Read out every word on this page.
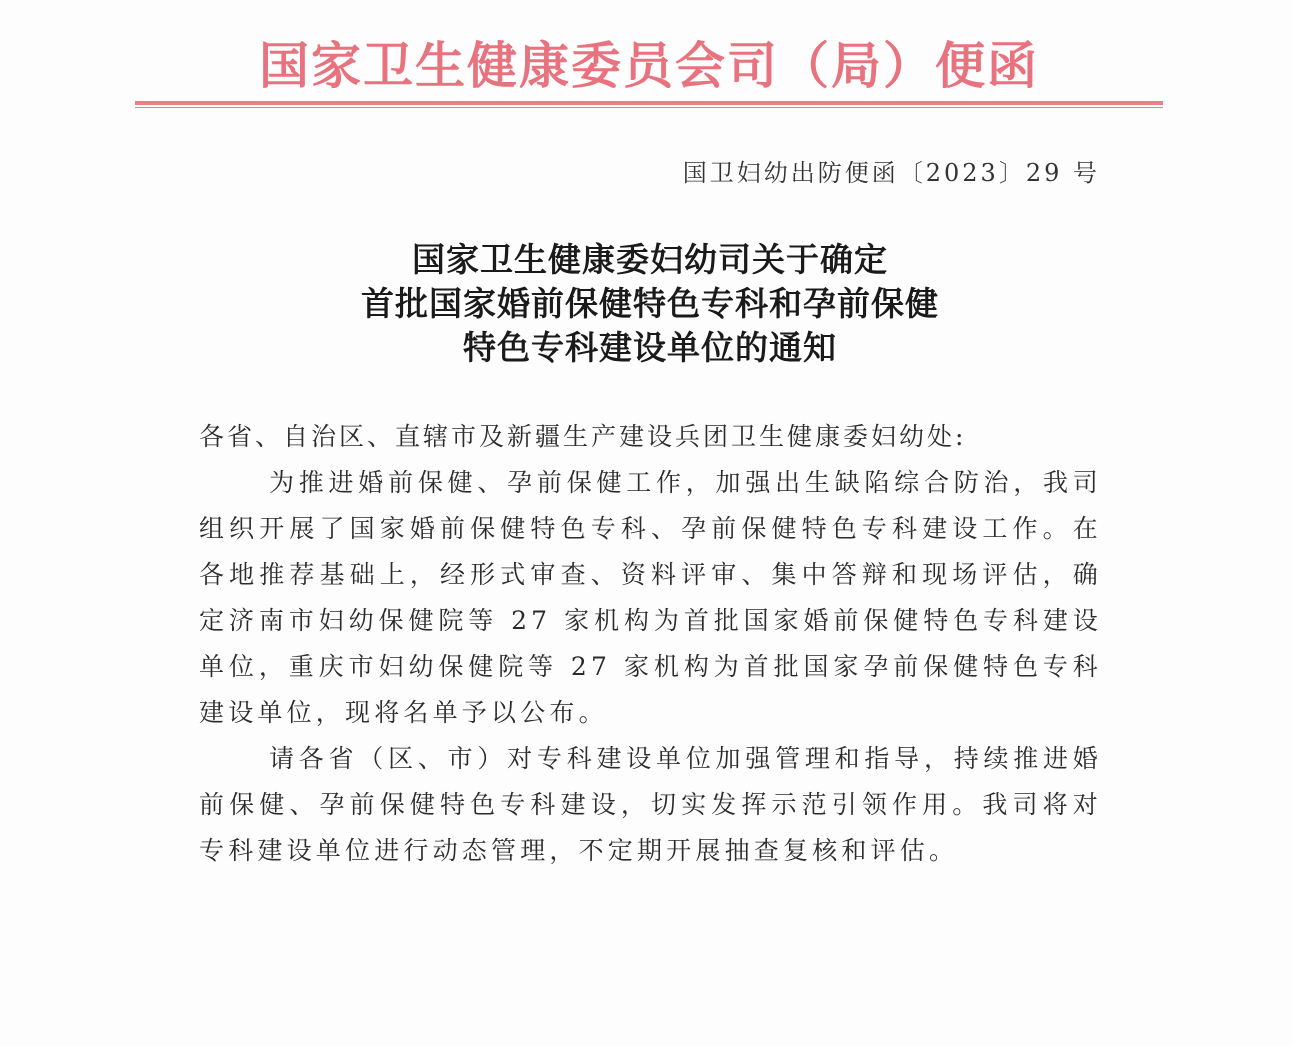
国家卫生健康委员会司（局）便函
国卫妇幼出防便函〔2023〕29 号
国家卫生健康委妇幼司关于确定
首批国家婚前保健特色专科和孕前保健
特色专科建设单位的通知

各省、自治区、直辖市及新疆生产建设兵团卫生健康委妇幼处:

为推进婚前保健、孕前保健工作，加强出生缺陷综合防治，我司组织开展了国家婚前保健特色专科、孕前保健特色专科建设工作。在各地推荐基础上，经形式审查、资料评审、集中答辩和现场评估，确定济南市妇幼保健院等 27 家机构为首批国家婚前保健特色专科建设单位，重庆市妇幼保健院等 27 家机构为首批国家孕前保健特色专科建设单位，现将名单予以公布。

请各省（区、市）对专科建设单位加强管理和指导，持续推进婚前保健、孕前保健特色专科建设，切实发挥示范引领作用。我司将对专科建设单位进行动态管理，不定期开展抽查复核和评估。
